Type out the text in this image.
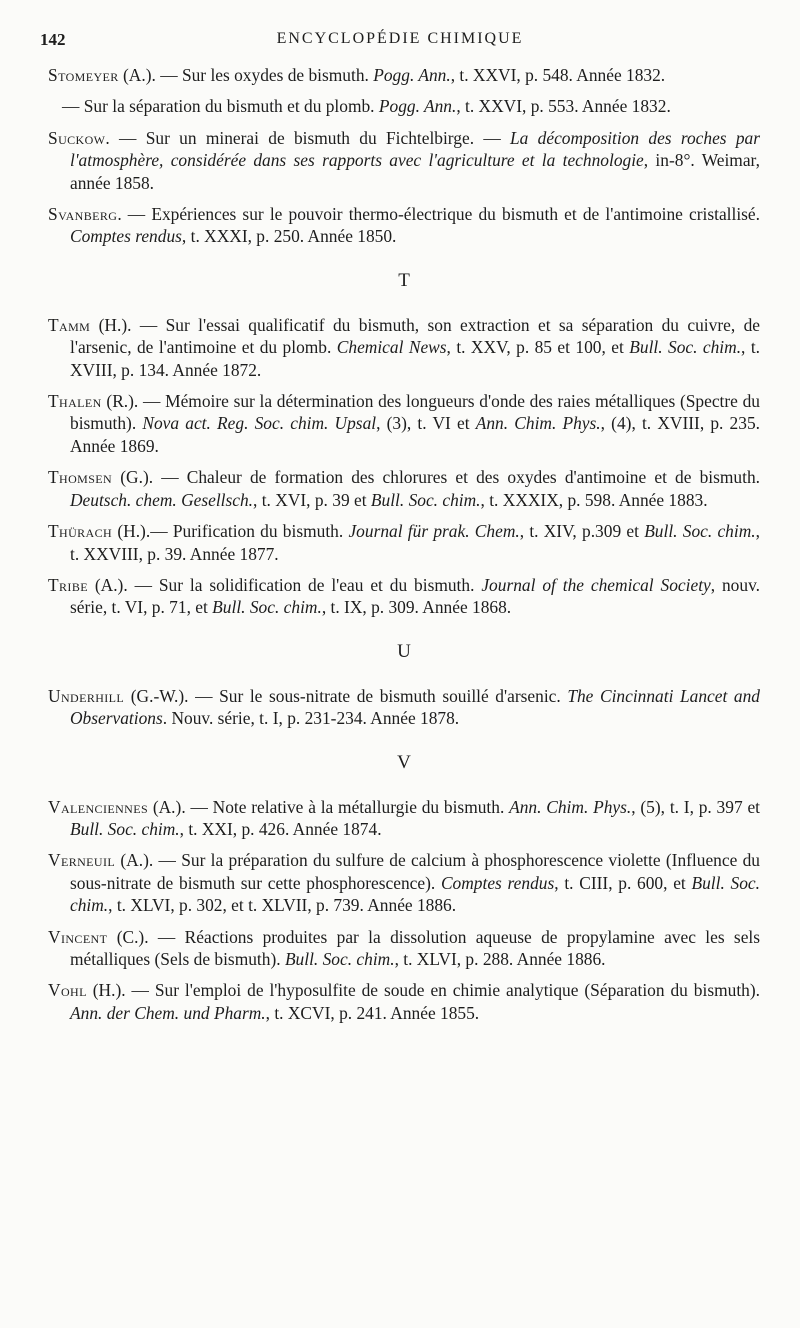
142	ENCYCLOPÉDIE CHIMIQUE
Stomeyer (A.). — Sur les oxydes de bismuth. Pogg. Ann., t. XXVI, p. 548. Année 1832.
— Sur la séparation du bismuth et du plomb. Pogg. Ann., t. XXVI, p. 553. Année 1832.
Suckow. — Sur un minerai de bismuth du Fichtelbirge. — La décomposition des roches par l'atmosphère, considérée dans ses rapports avec l'agriculture et la technologie, in-8°. Weimar, année 1858.
Svanberg. — Expériences sur le pouvoir thermo-électrique du bismuth et de l'antimoine cristallisé. Comptes rendus, t. XXXI, p. 250. Année 1850.
T
Tamm (H.). — Sur l'essai qualificatif du bismuth, son extraction et sa séparation du cuivre, de l'arsenic, de l'antimoine et du plomb. Chemical News, t. XXV, p. 85 et 100, et Bull. Soc. chim., t. XVIII, p. 134. Année 1872.
Thalen (R.). — Mémoire sur la détermination des longueurs d'onde des raies métalliques (Spectre du bismuth). Nova act. Reg. Soc. chim. Upsal, (3), t. VI et Ann. Chim. Phys., (4), t. XVIII, p. 235. Année 1869.
Thomsen (G.). — Chaleur de formation des chlorures et des oxydes d'antimoine et de bismuth. Deutsch. chem. Gesellsch., t. XVI, p. 39 et Bull. Soc. chim., t. XXXIX, p. 598. Année 1883.
Thürach (H.).— Purification du bismuth. Journal für prak. Chem., t. XIV, p.309 et Bull. Soc. chim., t. XXVIII, p. 39. Année 1877.
Tribe (A.). — Sur la solidification de l'eau et du bismuth. Journal of the chemical Society, nouv. série, t. VI, p. 71, et Bull. Soc. chim., t. IX, p. 309. Année 1868.
U
Underhill (G.-W.). — Sur le sous-nitrate de bismuth souillé d'arsenic. The Cincinnati Lancet and Observations. Nouv. série, t. I, p. 231-234. Année 1878.
V
Valenciennes (A.). — Note relative à la métallurgie du bismuth. Ann. Chim. Phys., (5), t. I, p. 397 et Bull. Soc. chim., t. XXI, p. 426. Année 1874.
Verneuil (A.). — Sur la préparation du sulfure de calcium à phosphorescence violette (Influence du sous-nitrate de bismuth sur cette phosphorescence). Comptes rendus, t. CIII, p. 600, et Bull. Soc. chim., t. XLVI, p. 302, et t. XLVII, p. 739. Année 1886.
Vincent (C.). — Réactions produites par la dissolution aqueuse de propylamine avec les sels métalliques (Sels de bismuth). Bull. Soc. chim., t. XLVI, p. 288. Année 1886.
Vohl (H.). — Sur l'emploi de l'hyposulfite de soude en chimie analytique (Séparation du bismuth). Ann. der Chem. und Pharm., t. XCVI, p. 241. Année 1855.
